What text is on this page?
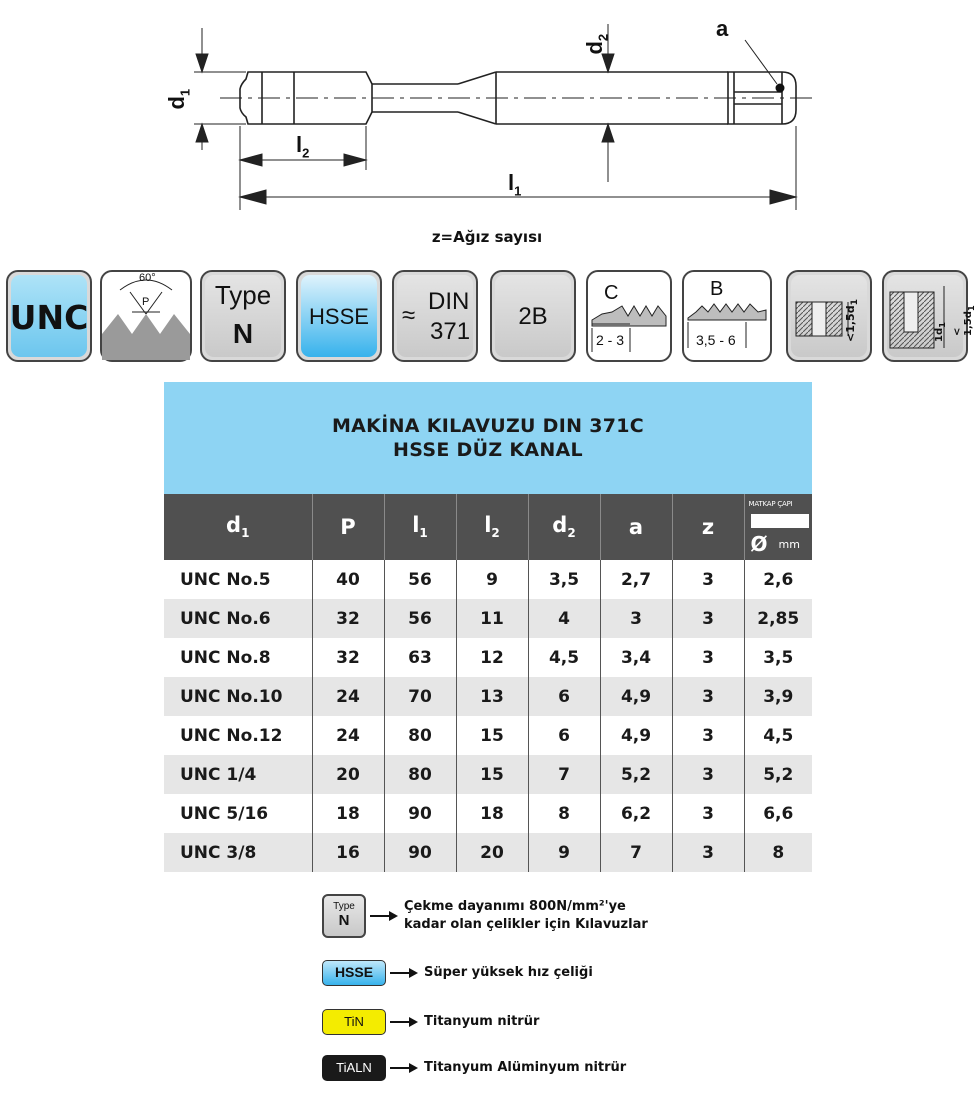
$d_1$
$d_2$
$l_2$
$l_1$
a
z=Ağız sayısı
UNC
60°
P	Type
N
HSSE	≈
DIN
371
2B
C
2 - 3
B
3,5 - 6	$<1,5d_1$
< $1,5d_1$
$1d_1$
MAKİNA KILAVUZU DIN 371C
HSSE DÜZ KANAL
$d_1$	P	$l_1$	$l_2$	$d_2$	a	z	MATKAP ÇAPI
Ø mm

UNC No.5	40	56	9	3,5	2,7	3	2,6
UNC No.6	32	56	11	4	3	3	2,85
UNC No.8	32	63	12	4,5	3,4	3	3,5
UNC No.10	24	70	13	6	4,9	3	3,9
UNC No.12	24	80	15	6	4,9	3	4,5
UNC 1/4	20	80	15	7	5,2	3	5,2
UNC 5/16	18	90	18	8	6,2	3	6,6
UNC 3/8	16	90	20	9	7	3	8
Type
N
Çekme dayanımı 800N/mm²'ye
kadar olan çelikler için Kılavuzlar
HSSE	Süper yüksek hız çeliği
TiN	Titanyum nitrür
TiALN	Titanyum Alüminyum nitrür
